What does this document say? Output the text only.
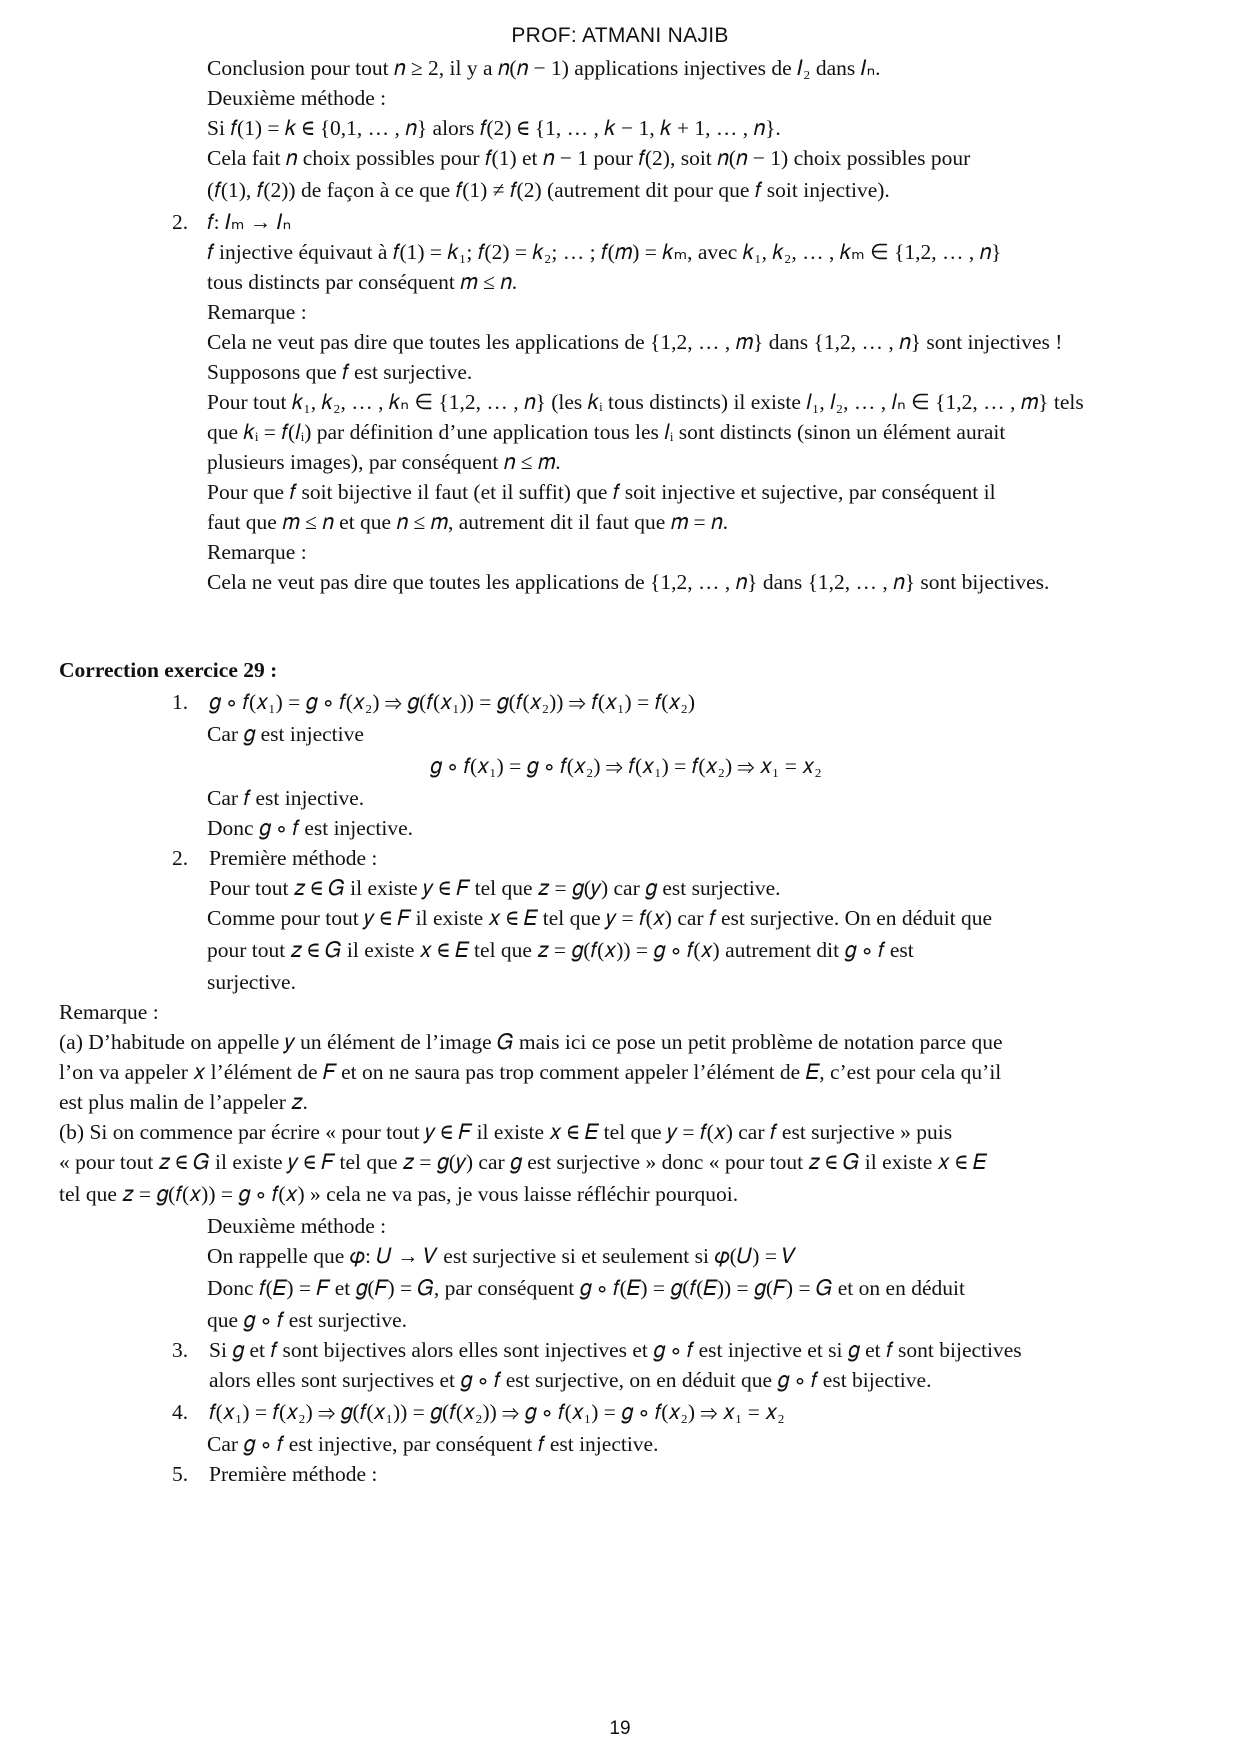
PROF: ATMANI NAJIB
Conclusion pour tout 𝑛 ≥ 2, il y a 𝑛(𝑛 − 1) applications injectives de 𝐼₂ dans 𝐼ₙ.
Deuxième méthode :
Si 𝑓(1) = 𝑘 ∈ {0,1, … , 𝑛} alors 𝑓(2) ∈ {1, … , 𝑘 − 1, 𝑘 + 1, … , 𝑛}.
Cela fait 𝑛 choix possibles pour 𝑓(1) et 𝑛 − 1 pour 𝑓(2), soit 𝑛(𝑛 − 1) choix possibles pour
(𝑓(1), 𝑓(2)) de façon à ce que 𝑓(1) ≠ 𝑓(2) (autrement dit pour que 𝑓 soit injective).
2. 𝑓: 𝐼ₘ → 𝐼ₙ
𝑓 injective équivaut à 𝑓(1) = 𝑘₁; 𝑓(2) = 𝑘₂; … ; 𝑓(𝑚) = 𝑘ₘ, avec 𝑘₁, 𝑘₂, … , 𝑘ₘ ∈ {1,2, … , 𝑛}
tous distincts par conséquent 𝑚 ≤ 𝑛.
Remarque :
Cela ne veut pas dire que toutes les applications de {1,2, … , 𝑚} dans {1,2, … , 𝑛} sont injectives !
Supposons que 𝑓 est surjective.
Pour tout 𝑘₁, 𝑘₂, … , 𝑘ₙ ∈ {1,2, … , 𝑛} (les 𝑘ᵢ tous distincts) il existe 𝑙₁, 𝑙₂, … , 𝑙ₙ ∈ {1,2, … , 𝑚} tels
que 𝑘ᵢ = 𝑓(𝑙ᵢ) par définition d’une application tous les 𝑙ᵢ sont distincts (sinon un élément aurait
plusieurs images), par conséquent 𝑛 ≤ 𝑚.
Pour que 𝑓 soit bijective il faut (et il suffit) que 𝑓 soit injective et sujective, par conséquent il
faut que 𝑚 ≤ 𝑛 et que 𝑛 ≤ 𝑚, autrement dit il faut que 𝑚 = 𝑛.
Remarque :
Cela ne veut pas dire que toutes les applications de {1,2, … , 𝑛} dans {1,2, … , 𝑛} sont bijectives.
Correction exercice 29 :
1. 𝑔 ∘ 𝑓(𝑥₁) = 𝑔 ∘ 𝑓(𝑥₂) ⇒ 𝑔(𝑓(𝑥₁)) = 𝑔(𝑓(𝑥₂)) ⇒ 𝑓(𝑥₁) = 𝑓(𝑥₂)
Car 𝑔 est injective
𝑔 ∘ 𝑓(𝑥₁) = 𝑔 ∘ 𝑓(𝑥₂) ⇒ 𝑓(𝑥₁) = 𝑓(𝑥₂) ⇒ 𝑥₁ = 𝑥₂
Car 𝑓 est injective.
Donc 𝑔 ∘ 𝑓 est injective.
2. Première méthode :
Pour tout 𝑧 ∈ 𝐺 il existe 𝑦 ∈ 𝐹 tel que 𝑧 = 𝑔(𝑦) car 𝑔 est surjective.
Comme pour tout 𝑦 ∈ 𝐹 il existe 𝑥 ∈ 𝐸 tel que 𝑦 = 𝑓(𝑥) car 𝑓 est surjective. On en déduit que
pour tout 𝑧 ∈ 𝐺 il existe 𝑥 ∈ 𝐸 tel que 𝑧 = 𝑔(𝑓(𝑥)) = 𝑔 ∘ 𝑓(𝑥) autrement dit 𝑔 ∘ 𝑓 est
surjective.
Remarque :
(a) D’habitude on appelle 𝑦 un élément de l’image 𝐺 mais ici ce pose un petit problème de notation parce que
l’on va appeler 𝑥 l’élément de 𝐹 et on ne saura pas trop comment appeler l’élément de 𝐸, c’est pour cela qu’il
est plus malin de l’appeler 𝑧.
(b) Si on commence par écrire « pour tout 𝑦 ∈ 𝐹 il existe 𝑥 ∈ 𝐸 tel que 𝑦 = 𝑓(𝑥) car 𝑓 est surjective » puis
« pour tout 𝑧 ∈ 𝐺 il existe 𝑦 ∈ 𝐹 tel que 𝑧 = 𝑔(𝑦) car 𝑔 est surjective » donc « pour tout 𝑧 ∈ 𝐺 il existe 𝑥 ∈ 𝐸
tel que 𝑧 = 𝑔(𝑓(𝑥)) = 𝑔 ∘ 𝑓(𝑥) » cela ne va pas, je vous laisse réfléchir pourquoi.
Deuxième méthode :
On rappelle que 𝜑: 𝑈 → 𝑉 est surjective si et seulement si 𝜑(𝑈) = 𝑉
Donc 𝑓(𝐸) = 𝐹 et 𝑔(𝐹) = 𝐺, par conséquent 𝑔 ∘ 𝑓(𝐸) = 𝑔(𝑓(𝐸)) = 𝑔(𝐹) = 𝐺 et on en déduit
que 𝑔 ∘ 𝑓 est surjective.
3. Si 𝑔 et 𝑓 sont bijectives alors elles sont injectives et 𝑔 ∘ 𝑓 est injective et si 𝑔 et 𝑓 sont bijectives
alors elles sont surjectives et 𝑔 ∘ 𝑓 est surjective, on en déduit que 𝑔 ∘ 𝑓 est bijective.
4. 𝑓(𝑥₁) = 𝑓(𝑥₂) ⇒ 𝑔(𝑓(𝑥₁)) = 𝑔(𝑓(𝑥₂)) ⇒ 𝑔 ∘ 𝑓(𝑥₁) = 𝑔 ∘ 𝑓(𝑥₂) ⇒ 𝑥₁ = 𝑥₂
Car 𝑔 ∘ 𝑓 est injective, par conséquent 𝑓 est injective.
5. Première méthode :
19
